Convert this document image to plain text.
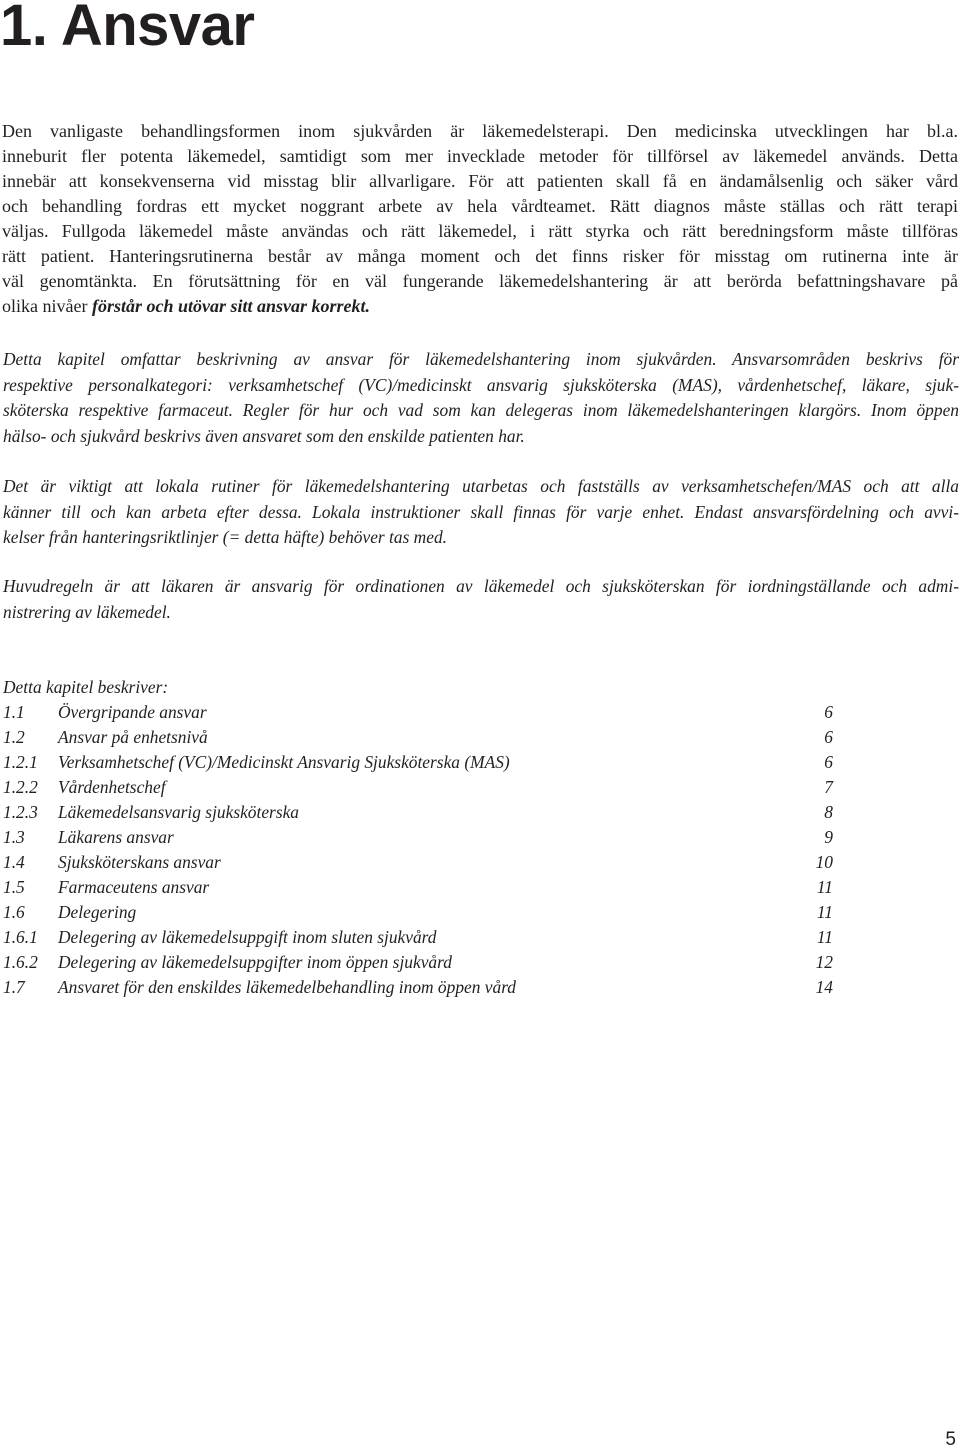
1. Ansvar

Den vanligaste behandlingsformen inom sjukvården är läkemedelsterapi. Den medicinska utvecklingen har bl.a.
inneburit fler potenta läkemedel, samtidigt som mer invecklade metoder för tillförsel av läkemedel används. Detta
innebär att konsekvenserna vid misstag blir allvarligare. För att patienten skall få en ändamålsenlig och säker vård
och behandling fordras ett mycket noggrant arbete av hela vårdteamet. Rätt diagnos måste ställas och rätt terapi
väljas. Fullgoda läkemedel måste användas och rätt läkemedel, i rätt styrka och rätt beredningsform måste tillföras
rätt patient. Hanteringsrutinerna består av många moment och det finns risker för misstag om rutinerna inte är
väl genomtänkta. En förutsättning för en väl fungerande läkemedelshantering är att berörda befattningshavare på
olika nivåer förstår och utövar sitt ansvar korrekt.

Detta kapitel omfattar beskrivning av ansvar för läkemedelshantering inom sjukvården. Ansvarsområden beskrivs för
respektive personalkategori: verksamhetschef (VC)/medicinskt ansvarig sjuksköterska (MAS), vårdenhetschef, läkare, sjuk-
sköterska respektive farmaceut. Regler för hur och vad som kan delegeras inom läkemedelshanteringen klargörs. Inom öppen
hälso- och sjukvård beskrivs även ansvaret som den enskilde patienten har.

Det är viktigt att lokala rutiner för läkemedelshantering utarbetas och fastställs av verksamhetschefen/MAS och att alla
känner till och kan arbeta efter dessa. Lokala instruktioner skall finnas för varje enhet. Endast ansvarsfördelning och avvi-
kelser från hanteringsriktlinjer (= detta häfte) behöver tas med.

Huvudregeln är att läkaren är ansvarig för ordinationen av läkemedel och sjuksköterskan för iordningställande och admi-
nistrering av läkemedel.

Detta kapitel beskriver:
1.1 Övergripande ansvar	6
1.2 Ansvar på enhetsnivå	6
1.2.1 Verksamhetschef (VC)/Medicinskt Ansvarig Sjuksköterska (MAS)	6
1.2.2 Vårdenhetschef	7
1.2.3 Läkemedelsansvarig sjuksköterska	8
1.3 Läkarens ansvar	9
1.4 Sjuksköterskans ansvar	10
1.5 Farmaceutens ansvar	11
1.6 Delegering	11
1.6.1 Delegering av läkemedelsuppgift inom sluten sjukvård	11
1.6.2 Delegering av läkemedelsuppgifter inom öppen sjukvård	12
1.7 Ansvaret för den enskildes läkemedelbehandling inom öppen vård	14
5
